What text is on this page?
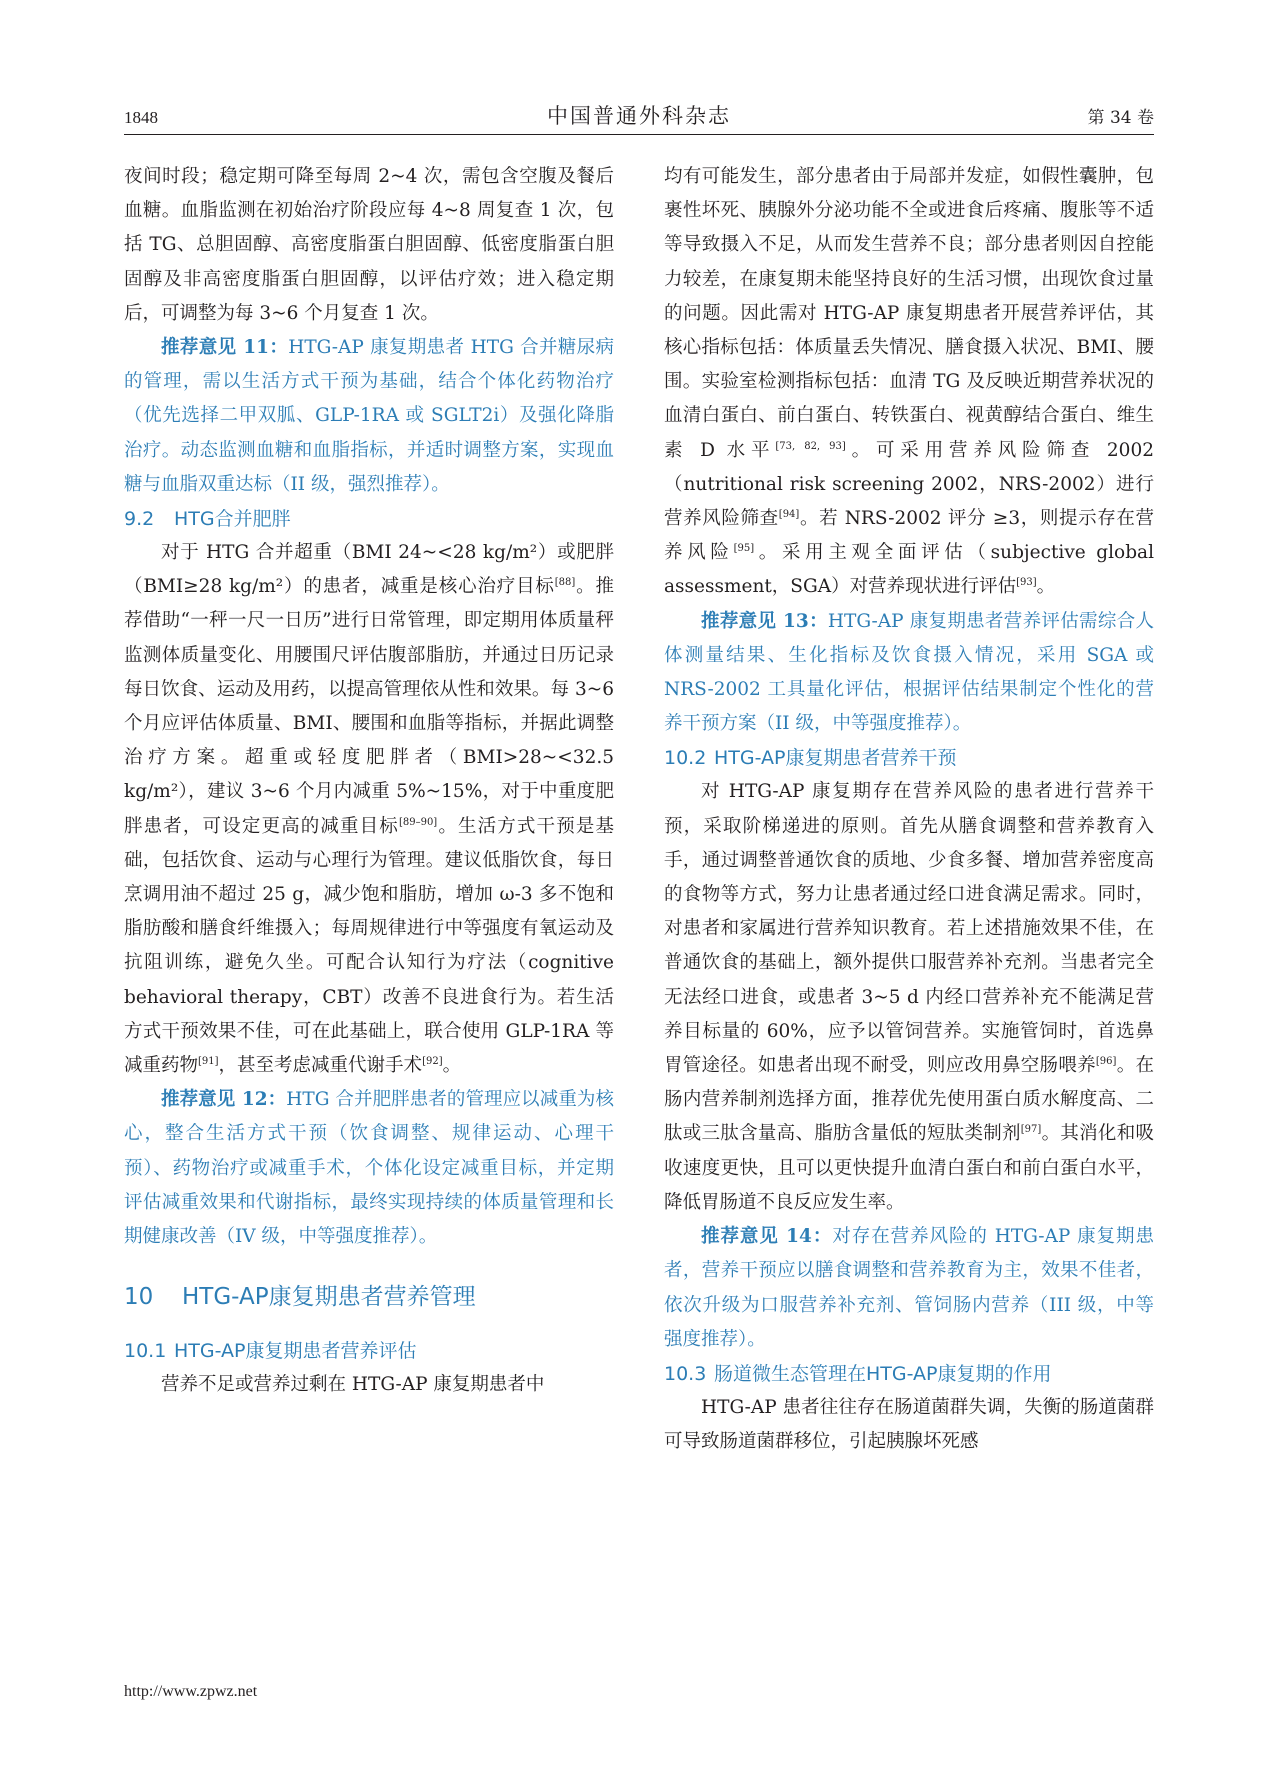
1848	中国普通外科杂志	第 34 卷

夜间时段；稳定期可降至每周 2~4 次，需包含空腹及餐后血糖。血脂监测在初始治疗阶段应每 4~8 周复查 1 次，包括 TG、总胆固醇、高密度脂蛋白胆固醇、低密度脂蛋白胆固醇及非高密度脂蛋白胆固醇，以评估疗效；进入稳定期后，可调整为每 3~6 个月复查 1 次。

推荐意见 11：HTG-AP 康复期患者 HTG 合并糖尿病的管理，需以生活方式干预为基础，结合个体化药物治疗（优先选择二甲双胍、GLP-1RA 或 SGLT2i）及强化降脂治疗。动态监测血糖和血脂指标，并适时调整方案，实现血糖与血脂双重达标（II 级，强烈推荐）。

9.2 HTG合并肥胖

对于 HTG 合并超重（BMI 24~<28 kg/m²）或肥胖（BMI≥28 kg/m²）的患者，减重是核心治疗目标[88]。推荐借助“一秤一尺一日历”进行日常管理，即定期用体质量秤监测体质量变化、用腰围尺评估腹部脂肪，并通过日历记录每日饮食、运动及用药，以提高管理依从性和效果。每 3~6 个月应评估体质量、BMI、腰围和血脂等指标，并据此调整治疗方案。超重或轻度肥胖者（BMI>28~<32.5 kg/m²），建议 3~6 个月内减重 5%~15%，对于中重度肥胖患者，可设定更高的减重目标[89–90]。生活方式干预是基础，包括饮食、运动与心理行为管理。建议低脂饮食，每日烹调用油不超过 25 g，减少饱和脂肪，增加 ω-3 多不饱和脂肪酸和膳食纤维摄入；每周规律进行中等强度有氧运动及抗阻训练，避免久坐。可配合认知行为疗法（cognitive behavioral therapy，CBT）改善不良进食行为。若生活方式干预效果不佳，可在此基础上，联合使用 GLP-1RA 等减重药物[91]，甚至考虑减重代谢手术[92]。

推荐意见 12：HTG 合并肥胖患者的管理应以减重为核心，整合生活方式干预（饮食调整、规律运动、心理干预）、药物治疗或减重手术，个体化设定减重目标，并定期评估减重效果和代谢指标，最终实现持续的体质量管理和长期健康改善（IV 级，中等强度推荐）。

10 HTG-AP康复期患者营养管理
10.1 HTG-AP康复期患者营养评估

营养不足或营养过剩在 HTG-AP 康复期患者中

均有可能发生，部分患者由于局部并发症，如假性囊肿，包裹性坏死、胰腺外分泌功能不全或进食后疼痛、腹胀等不适等导致摄入不足，从而发生营养不良；部分患者则因自控能力较差，在康复期未能坚持良好的生活习惯，出现饮食过量的问题。因此需对 HTG-AP 康复期患者开展营养评估，其核心指标包括：体质量丢失情况、膳食摄入状况、BMI、腰围。实验室检测指标包括：血清 TG 及反映近期营养状况的血清白蛋白、前白蛋白、转铁蛋白、视黄醇结合蛋白、维生素 D 水平[73, 82, 93]。可采用营养风险筛查 2002（nutritional risk screening 2002，NRS-2002）进行营养风险筛查[94]。若 NRS-2002 评分 ≥3，则提示存在营养风险[95]。采用主观全面评估（subjective global assessment，SGA）对营养现状进行评估[93]。

推荐意见 13：HTG-AP 康复期患者营养评估需综合人体测量结果、生化指标及饮食摄入情况，采用 SGA 或 NRS-2002 工具量化评估，根据评估结果制定个性化的营养干预方案（II 级，中等强度推荐）。

10.2 HTG-AP康复期患者营养干预

对 HTG-AP 康复期存在营养风险的患者进行营养干预，采取阶梯递进的原则。首先从膳食调整和营养教育入手，通过调整普通饮食的质地、少食多餐、增加营养密度高的食物等方式，努力让患者通过经口进食满足需求。同时，对患者和家属进行营养知识教育。若上述措施效果不佳，在普通饮食的基础上，额外提供口服营养补充剂。当患者完全无法经口进食，或患者 3~5 d 内经口营养补充不能满足营养目标量的 60%，应予以管饲营养。实施管饲时，首选鼻胃管途径。如患者出现不耐受，则应改用鼻空肠喂养[96]。在肠内营养制剂选择方面，推荐优先使用蛋白质水解度高、二肽或三肽含量高、脂肪含量低的短肽类制剂[97]。其消化和吸收速度更快，且可以更快提升血清白蛋白和前白蛋白水平，降低胃肠道不良反应发生率。

推荐意见 14：对存在营养风险的 HTG-AP 康复期患者，营养干预应以膳食调整和营养教育为主，效果不佳者，依次升级为口服营养补充剂、管饲肠内营养（III 级，中等强度推荐）。

10.3 肠道微生态管理在HTG-AP康复期的作用

HTG-AP 患者往往存在肠道菌群失调，失衡的肠道菌群可导致肠道菌群移位，引起胰腺坏死感

http://www.zpwz.net
